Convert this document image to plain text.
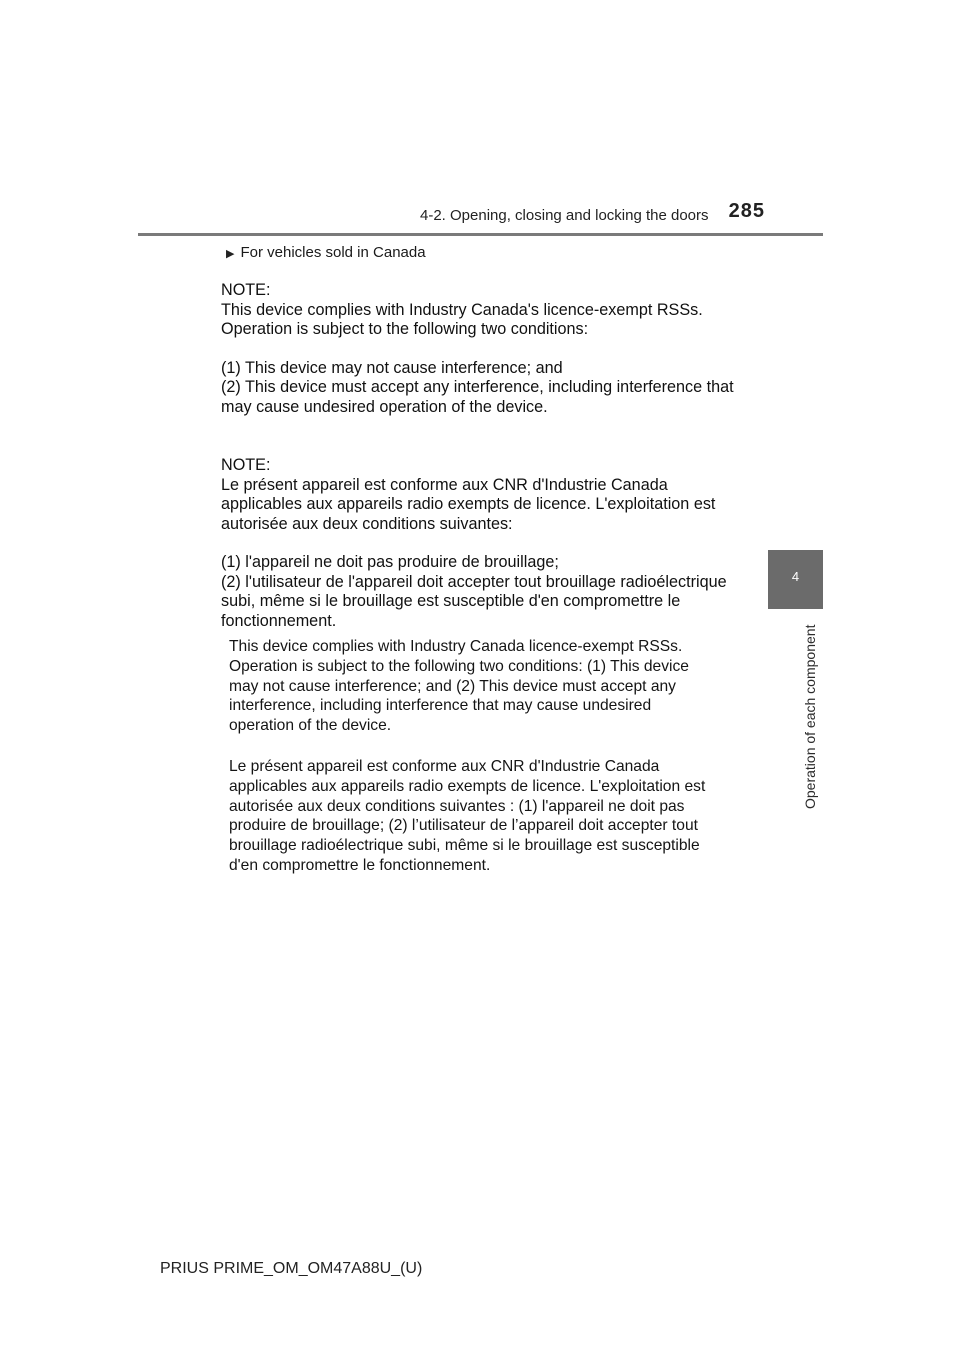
4-2. Opening, closing and locking the doors	285
4
Operation of each component
▶ For vehicles sold in Canada

NOTE:

This device complies with Industry Canada's licence-exempt RSSs.

Operation is subject to the following two conditions:

(1) This device may not cause interference; and

(2) This device must accept any interference, including interference that

may cause undesired operation of the device.

NOTE:

Le présent appareil est conforme aux CNR d'Industrie Canada

applicables aux appareils radio exempts de licence. L'exploitation est

autorisée aux deux conditions suivantes:

(1) l'appareil ne doit pas produire de brouillage;

(2) l'utilisateur de l'appareil doit accepter tout brouillage radioélectrique

subi, même si le brouillage est susceptible d'en compromettre le

fonctionnement.

This device complies with Industry Canada licence-exempt RSSs.

Operation is subject to the following two conditions: (1) This device

may not cause interference; and (2) This device must accept any

interference, including interference that may cause undesired

operation of the device.

Le présent appareil est conforme aux CNR d'Industrie Canada

applicables aux appareils radio exempts de licence. L'exploitation est

autorisée aux deux conditions suivantes : (1) l'appareil ne doit pas

produire de brouillage; (2) l’utilisateur de l’appareil doit accepter tout

brouillage radioélectrique subi, même si le brouillage est susceptible

d'en compromettre le fonctionnement.

PRIUS PRIME_OM_OM47A88U_(U)
